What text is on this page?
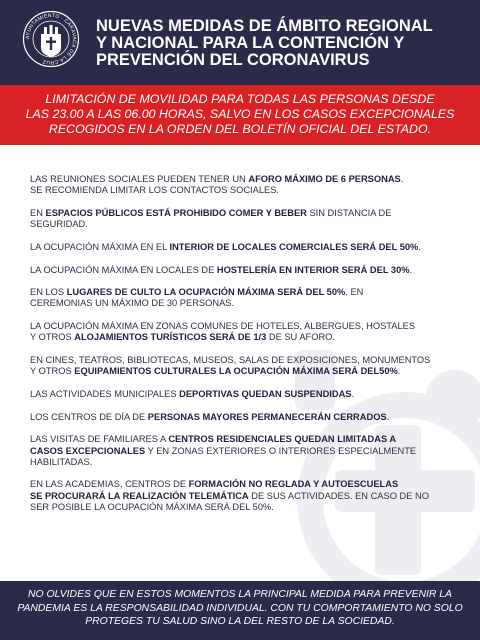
AYUNTAMIENTO · CARAVACA DE LA CRUZ
NUEVAS MEDIDAS DE ÁMBITO REGIONAL
Y NACIONAL PARA LA CONTENCIÓN Y
PREVENCIÓN DEL CORONAVIRUS
LIMITACIÓN DE MOVILIDAD PARA TODAS LAS PERSONAS DESDE
LAS 23.00 A LAS 06.00 HORAS, SALVO EN LOS CASOS EXCEPCIONALES
RECOGIDOS EN LA ORDEN DEL BOLETÍN OFICIAL DEL ESTADO.

LAS REUNIONES SOCIALES PUEDEN TENER UN AFORO MÁXIMO DE 6 PERSONAS.
SE RECOMIENDA LIMITAR LOS CONTACTOS SOCIALES.

EN ESPACIOS PÚBLICOS ESTÁ PROHIBIDO COMER Y BEBER SIN DISTANCIA DE
SEGURIDAD.

LA OCUPACIÓN MÁXIMA EN EL INTERIOR DE LOCALES COMERCIALES SERÁ DEL 50%.

LA OCUPACIÓN MÁXIMA EN LOCALES DE HOSTELERÍA EN INTERIOR SERÁ DEL 30%.

EN LOS LUGARES DE CULTO LA OCUPACIÓN MÁXIMA SERÁ DEL 50%. EN
CEREMONIAS UN MÁXIMO DE 30 PERSONAS.

LA OCUPACIÓN MÁXIMA EN ZONAS COMUNES DE HOTELES, ALBERGUES, HOSTALES
Y OTROS ALOJAMIENTOS TURÍSTICOS SERÁ DE 1/3 DE SU AFORO.

EN CINES, TEATROS, BIBLIOTECAS, MUSEOS, SALAS DE EXPOSICIONES, MONUMENTOS
Y OTROS EQUIPAMIENTOS CULTURALES LA OCUPACIÓN MÁXIMA SERÁ DEL50%.

LAS ACTIVIDADES MUNICIPALES DEPORTIVAS QUEDAN SUSPENDIDAS.

LOS CENTROS DE DÍA DE PERSONAS MAYORES PERMANECERÁN CERRADOS.

LAS VISITAS DE FAMILIARES A CENTROS RESIDENCIALES QUEDAN LIMITADAS A
CASOS EXCEPCIONALES Y EN ZONAS EXTERIORES O INTERIORES ESPECIALMENTE
HABILITADAS.

EN LAS ACADEMIAS, CENTROS DE FORMACIÓN NO REGLADA Y AUTOESCUELAS
SE PROCURARÁ LA REALIZACIÓN TELEMÁTICA DE SUS ACTIVIDADES. EN CASO DE NO
SER POSIBLE LA OCUPACIÓN MÁXIMA SERÁ DEL 50%.

NO OLVIDES QUE EN ESTOS MOMENTOS LA PRINCIPAL MEDIDA PARA PREVENIR LA
PANDEMIA ES LA RESPONSABILIDAD INDIVIDUAL. CON TU COMPORTAMIENTO NO SOLO
PROTEGES TU SALUD SINO LA DEL RESTO DE LA SOCIEDAD.
